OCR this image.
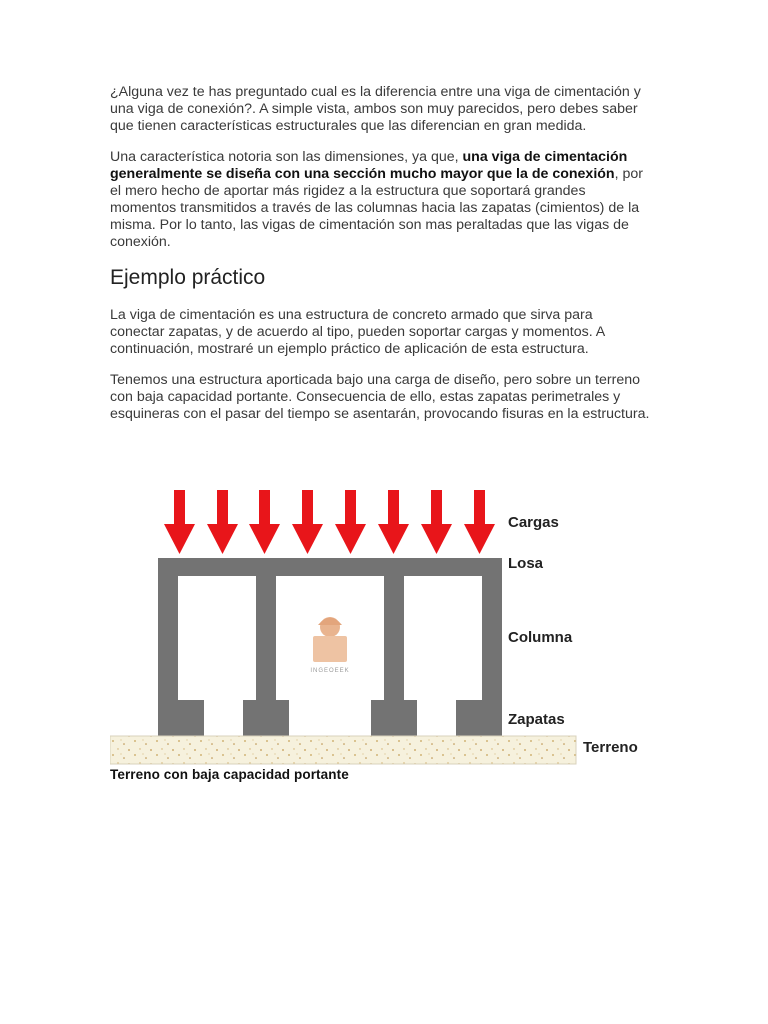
¿Alguna vez te has preguntado cual es la diferencia entre una viga de cimentación y una viga de conexión?. A simple vista, ambos son muy parecidos, pero debes saber que tienen características estructurales que las diferencian en gran medida.

Una característica notoria son las dimensiones, ya que, una viga de cimentación generalmente se diseña con una sección mucho mayor que la de conexión, por el mero hecho de aportar más rigidez a la estructura que soportará grandes momentos transmitidos a través de las columnas hacia las zapatas (cimientos) de la misma. Por lo tanto, las vigas de cimentación son mas peraltadas que las vigas de conexión.

Ejemplo práctico

La viga de cimentación es una estructura de concreto armado que sirva para conectar zapatas, y de acuerdo al tipo, pueden soportar cargas y momentos. A continuación, mostraré un ejemplo práctico de aplicación de esta estructura.

Tenemos una estructura aporticada bajo una carga de diseño, pero sobre un terreno con baja capacidad portante. Consecuencia de ello, estas zapatas perimetrales y esquineras con el pasar del tiempo se asentarán, provocando fisuras en la estructura.

INGEOEEK
Cargas
Losa
Columna
Zapatas
Terreno
Terreno con baja capacidad portante
